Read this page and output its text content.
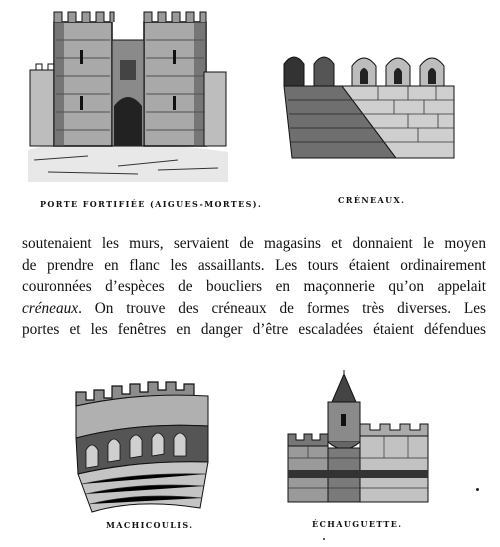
PORTE FORTIFIÉE (AIGUES-MORTES).	CRÉNEAUX.
soutenaient les murs, servaient de magasins et donnaient le moyen
de prendre en flanc les assaillants. Les tours étaient ordinairement
couronnées d’espèces de boucliers en maçonnerie qu’on appelait
créneaux. On trouve des créneaux de formes très diverses. Les
portes et les fenêtres en danger d’être escaladées étaient défendues
MACHICOULIS.	ÉCHAUGUETTE.
